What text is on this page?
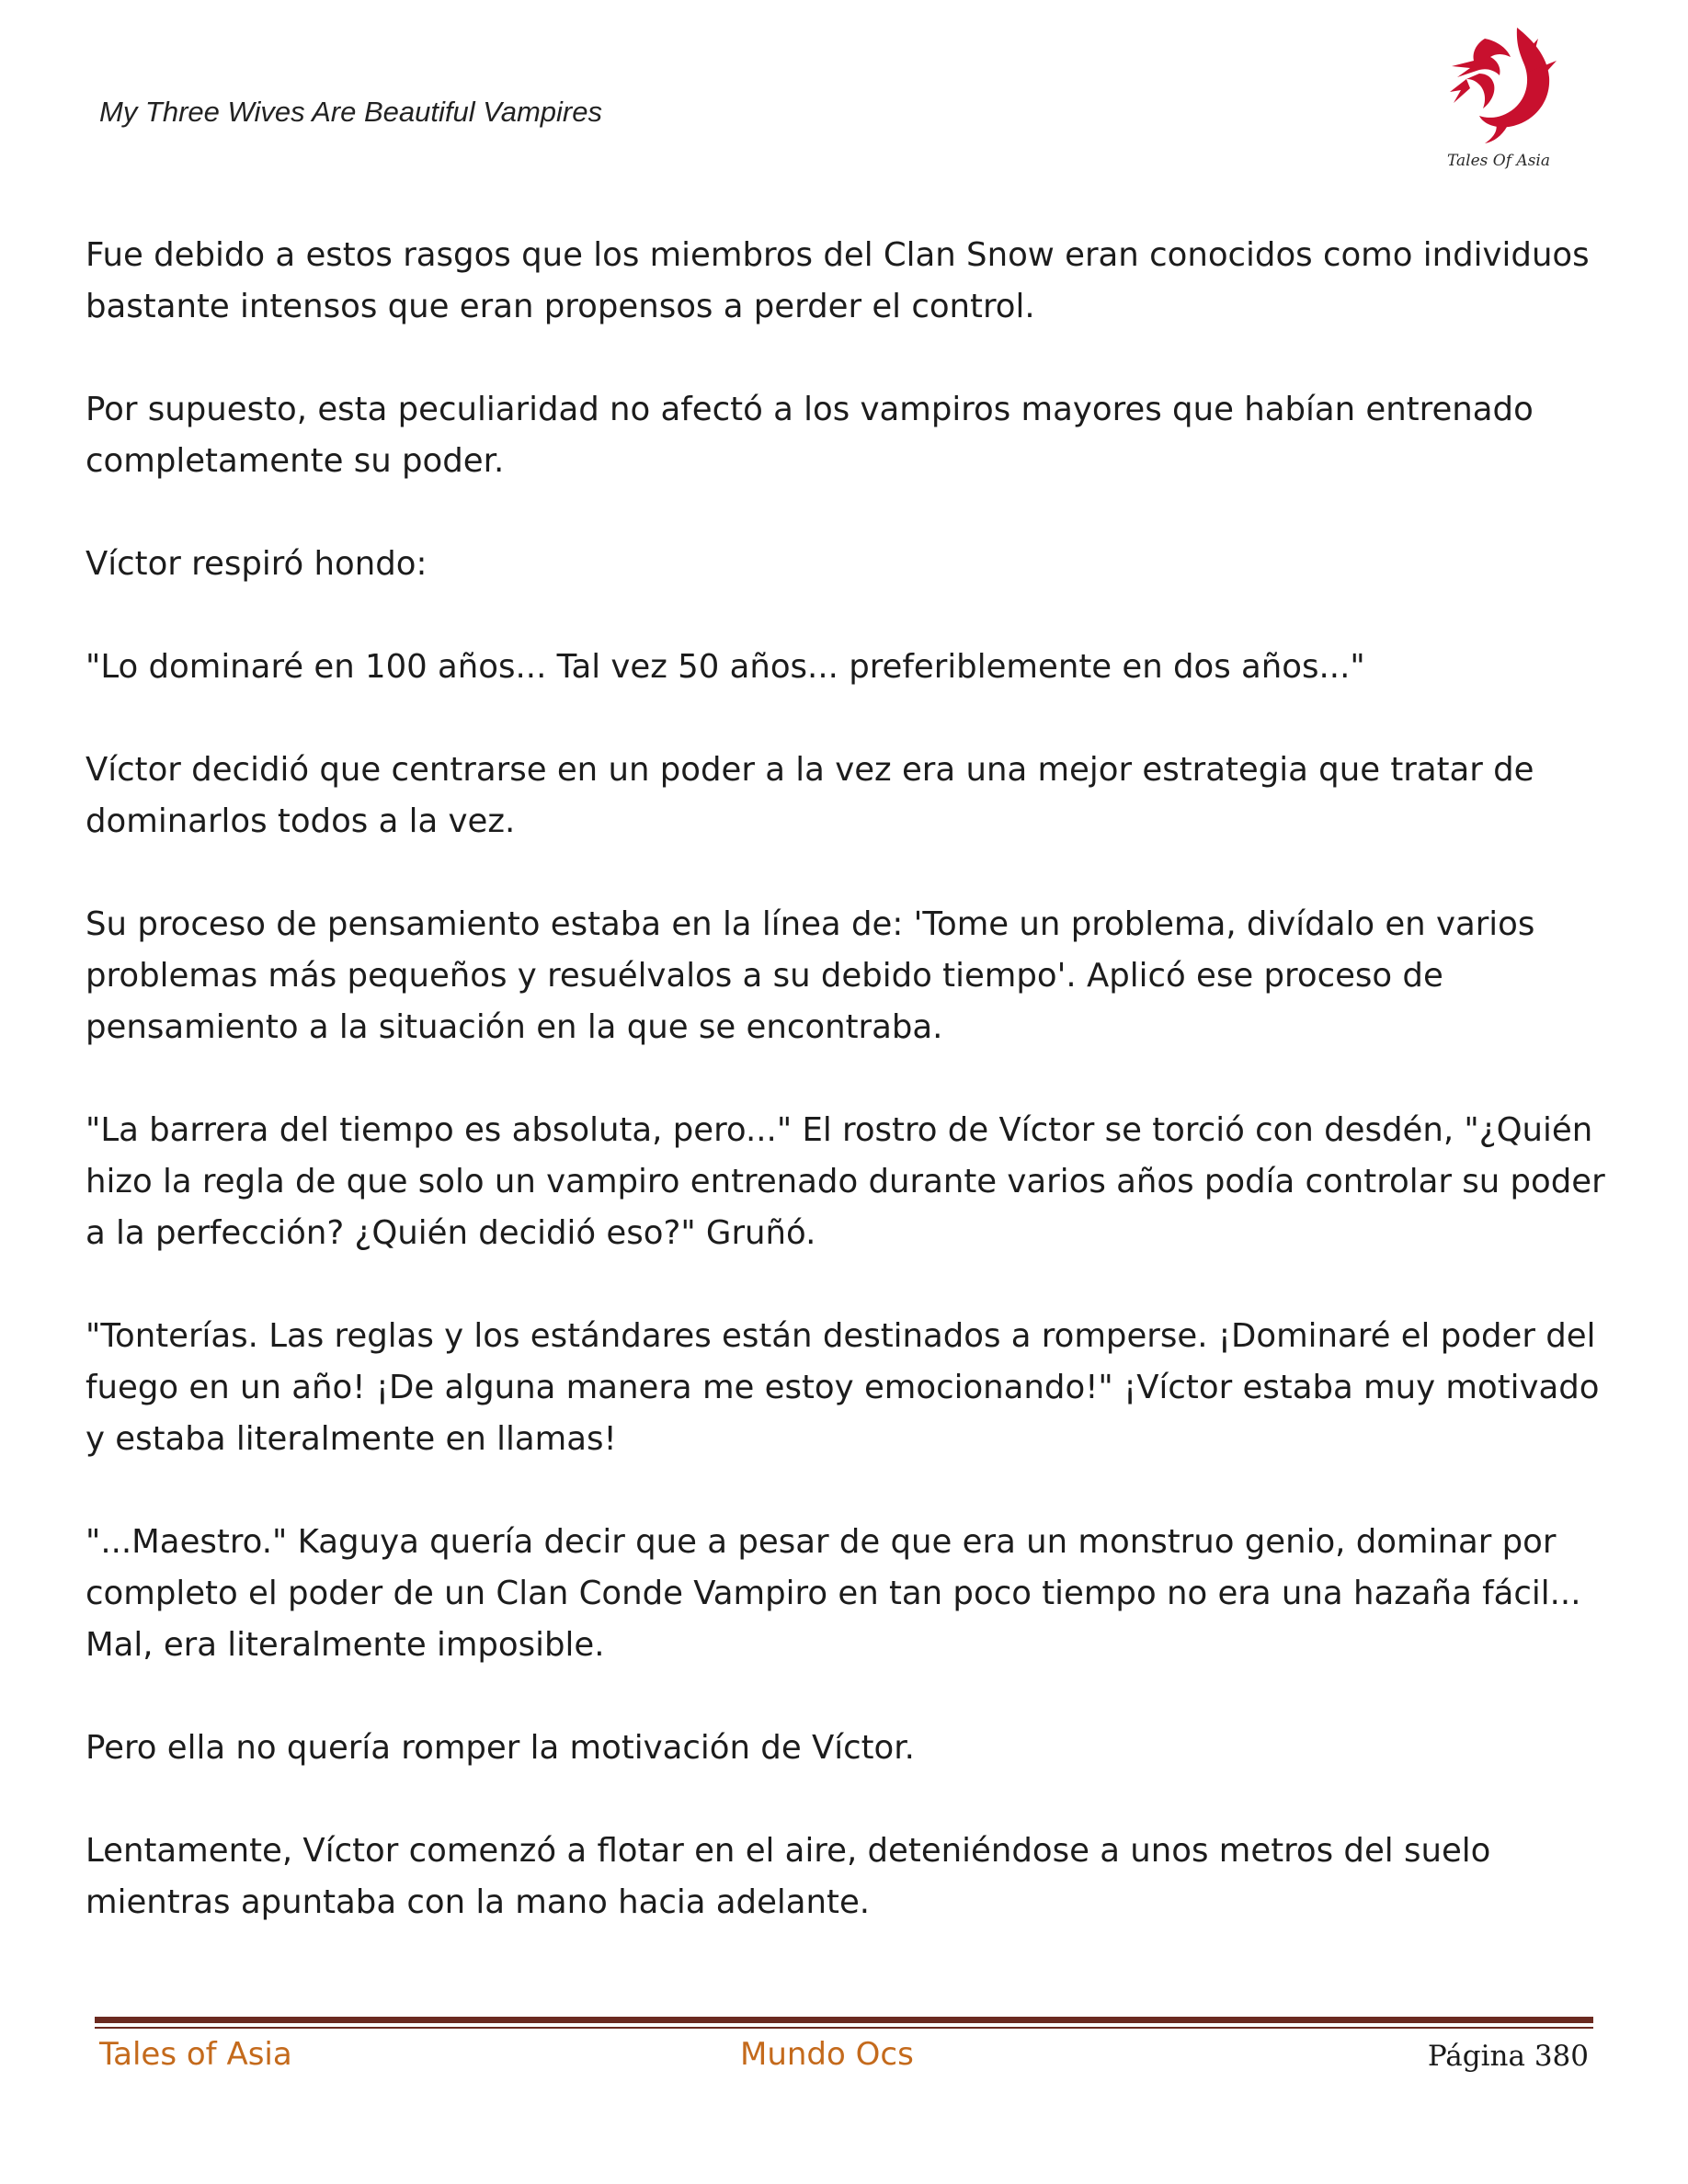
My Three Wives Are Beautiful Vampires
Tales Of Asia

Fue debido a estos rasgos que los miembros del Clan Snow eran conocidos como individuos bastante intensos que eran propensos a perder el control.

Por supuesto, esta peculiaridad no afectó a los vampiros mayores que habían entrenado completamente su poder.

Víctor respiró hondo:

"Lo dominaré en 100 años... Tal vez 50 años... preferiblemente en dos años..."

Víctor decidió que centrarse en un poder a la vez era una mejor estrategia que tratar de dominarlos todos a la vez.

Su proceso de pensamiento estaba en la línea de: 'Tome un problema, divídalo en varios problemas más pequeños y resuélvalos a su debido tiempo'. Aplicó ese proceso de pensamiento a la situación en la que se encontraba.

"La barrera del tiempo es absoluta, pero..." El rostro de Víctor se torció con desdén, "¿Quién hizo la regla de que solo un vampiro entrenado durante varios años podía controlar su poder a la perfección? ¿Quién decidió eso?" Gruñó.

"Tonterías. Las reglas y los estándares están destinados a romperse. ¡Dominaré el poder del fuego en un año! ¡De alguna manera me estoy emocionando!" ¡Víctor estaba muy motivado y estaba literalmente en llamas!

"...Maestro." Kaguya quería decir que a pesar de que era un monstruo genio, dominar por completo el poder de un Clan Conde Vampiro en tan poco tiempo no era una hazaña fácil... Mal, era literalmente imposible.

Pero ella no quería romper la motivación de Víctor.

Lentamente, Víctor comenzó a flotar en el aire, deteniéndose a unos metros del suelo mientras apuntaba con la mano hacia adelante.

Tales of Asia	Mundo Ocs	Página 380
